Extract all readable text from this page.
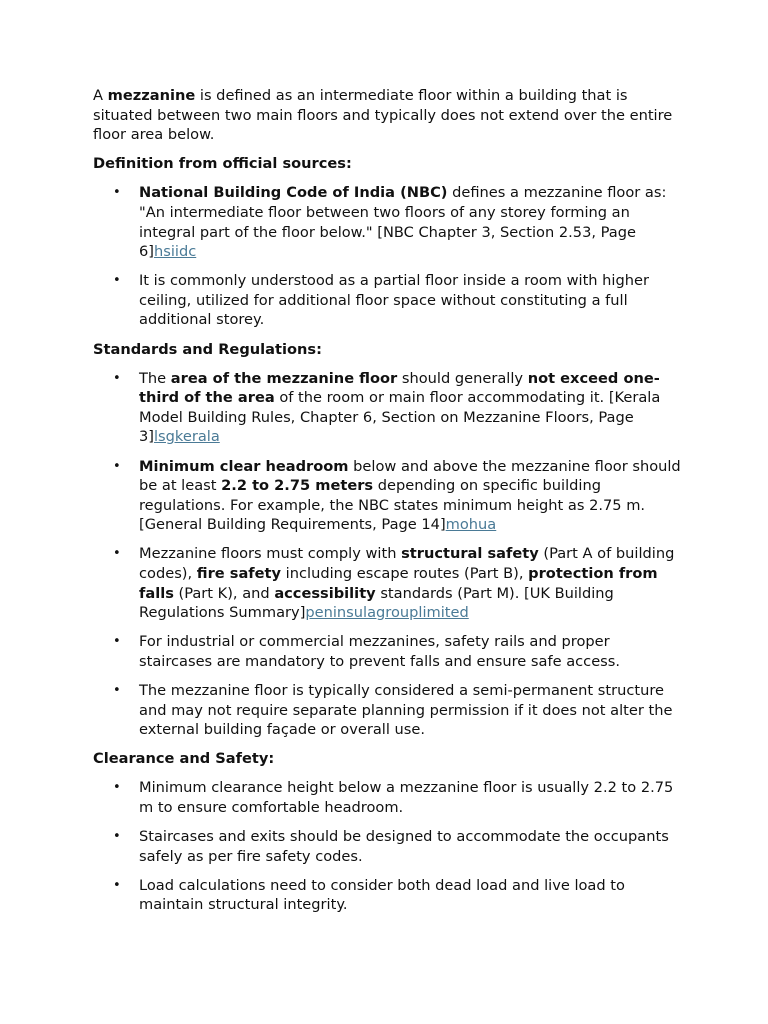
A mezzanine is defined as an intermediate floor within a building that is situated between two main floors and typically does not extend over the entire floor area below.

Definition from official sources:
• National Building Code of India (NBC) defines a mezzanine floor as:
"An intermediate floor between two floors of any storey forming an integral part of the floor below." [NBC Chapter 3, Section 2.53, Page 6]hsiidc
• It is commonly understood as a partial floor inside a room with higher ceiling, utilized for additional floor space without constituting a full additional storey.
Standards and Regulations:
• The area of the mezzanine floor should generally not exceed one-third of the area of the room or main floor accommodating it. [Kerala Model Building Rules, Chapter 6, Section on Mezzanine Floors, Page 3]lsgkerala
• Minimum clear headroom below and above the mezzanine floor should be at least 2.2 to 2.75 meters depending on specific building regulations. For example, the NBC states minimum height as 2.75 m. [General Building Requirements, Page 14]mohua
• Mezzanine floors must comply with structural safety (Part A of building codes), fire safety including escape routes (Part B), protection from falls (Part K), and accessibility standards (Part M). [UK Building Regulations Summary]peninsulagrouplimited
• For industrial or commercial mezzanines, safety rails and proper staircases are mandatory to prevent falls and ensure safe access.
• The mezzanine floor is typically considered a semi-permanent structure and may not require separate planning permission if it does not alter the external building façade or overall use.
Clearance and Safety:
• Minimum clearance height below a mezzanine floor is usually 2.2 to 2.75 m to ensure comfortable headroom.
• Staircases and exits should be designed to accommodate the occupants safely as per fire safety codes.
• Load calculations need to consider both dead load and live load to maintain structural integrity.
